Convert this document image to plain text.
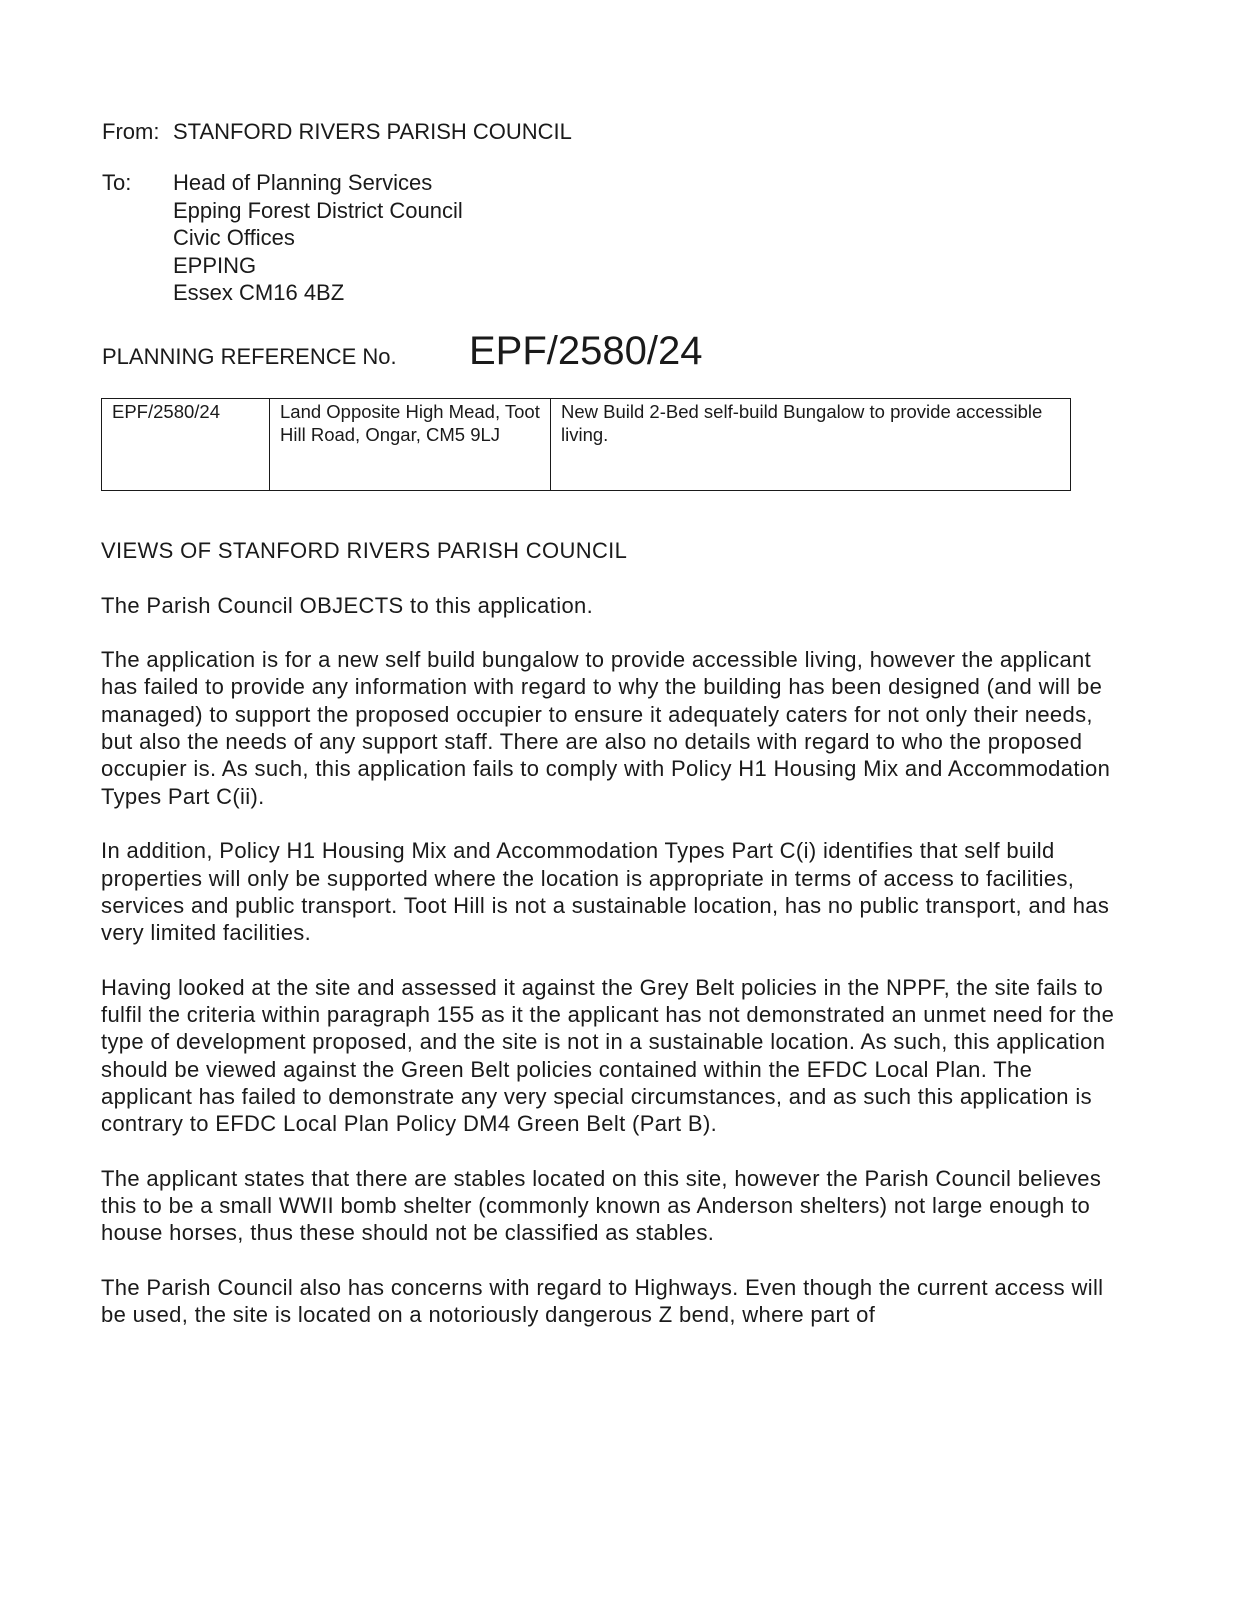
From: STANFORD RIVERS PARISH COUNCIL
To:	Head of Planning Services
Epping Forest District Council
Civic Offices
EPPING
Essex CM16 4BZ
PLANNING REFERENCE No. EPF/2580/24
EPF/2580/24	Land Opposite High Mead, Toot Hill Road, Ongar, CM5 9LJ	New Build 2-Bed self-build Bungalow to provide accessible living.

VIEWS OF STANFORD RIVERS PARISH COUNCIL

The Parish Council OBJECTS to this application.

The application is for a new self build bungalow to provide accessible living, however the applicant has failed to provide any information with regard to why the building has been designed (and will be managed) to support the proposed occupier to ensure it adequately caters for not only their needs, but also the needs of any support staff. There are also no details with regard to who the proposed occupier is. As such, this application fails to comply with Policy H1 Housing Mix and Accommodation Types Part C(ii).

In addition, Policy H1 Housing Mix and Accommodation Types Part C(i) identifies that self build properties will only be supported where the location is appropriate in terms of access to facilities, services and public transport. Toot Hill is not a sustainable location, has no public transport, and has very limited facilities.

Having looked at the site and assessed it against the Grey Belt policies in the NPPF, the site fails to fulfil the criteria within paragraph 155 as it the applicant has not demonstrated an unmet need for the type of development proposed, and the site is not in a sustainable location. As such, this application should be viewed against the Green Belt policies contained within the EFDC Local Plan. The applicant has failed to demonstrate any very special circumstances, and as such this application is contrary to EFDC Local Plan Policy DM4 Green Belt (Part B).

The applicant states that there are stables located on this site, however the Parish Council believes this to be a small WWII bomb shelter (commonly known as Anderson shelters) not large enough to house horses, thus these should not be classified as stables.

The Parish Council also has concerns with regard to Highways. Even though the current access will be used, the site is located on a notoriously dangerous Z bend, where part of
